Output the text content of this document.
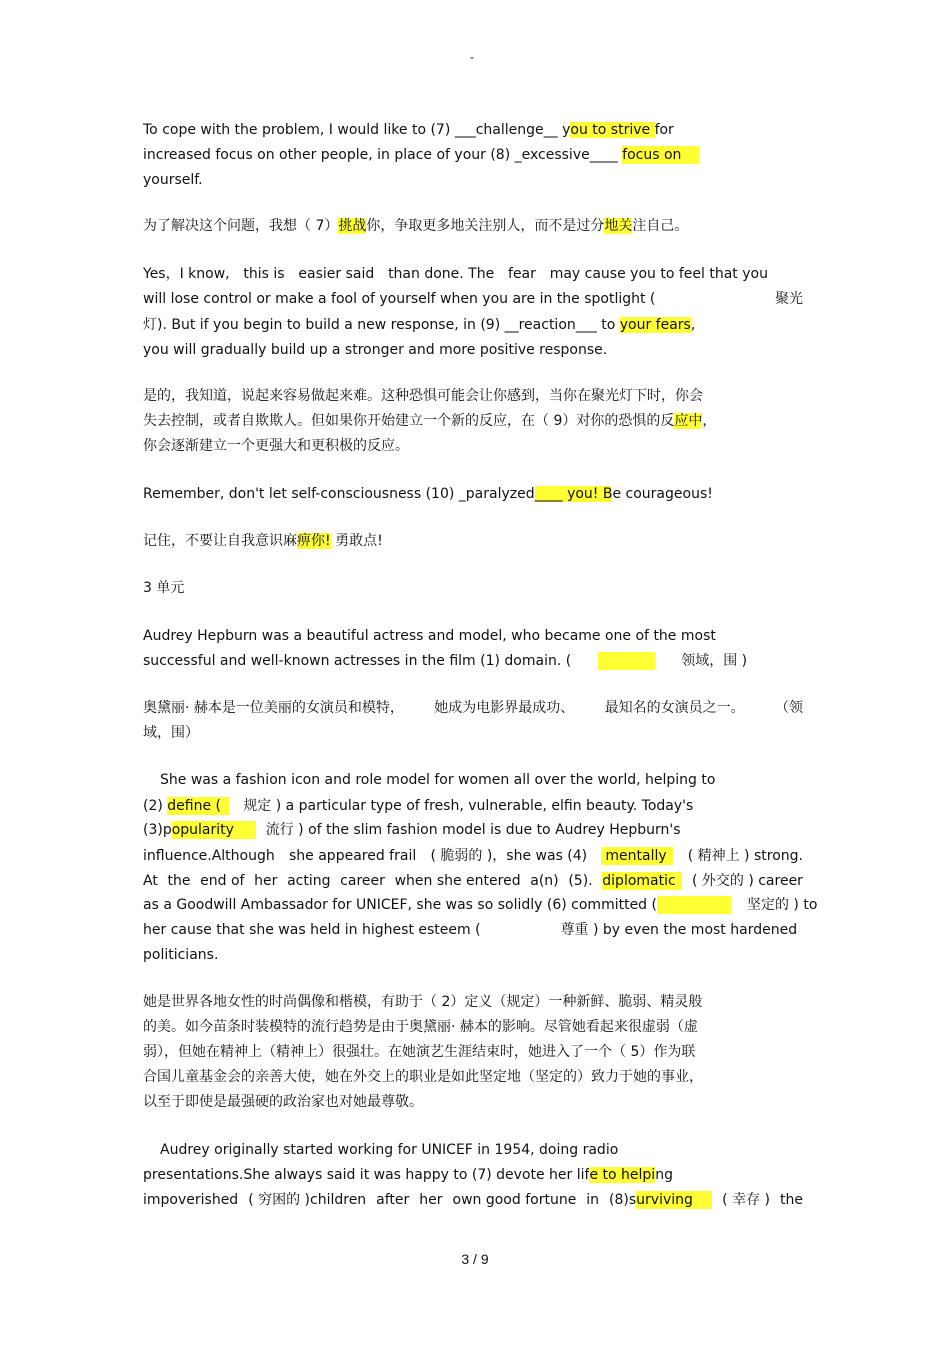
-
To cope with the problem, I would like to (7) ___challenge__ you to strive for
increased focus on other people, in place of your (8) _excessive____ focus on
yourself.
为了解决这个问题，我想（ 7）挑战你，争取更多地关注别人，而不是过分地关注自己。
Yes，I know, this is easier said than done. The fear may cause you to feel that you
will lose control or make a fool of yourself when you are in the spotlight (	聚光
灯). But if you begin to build a new response, in (9) __reaction___ to your fears,
you will gradually build up a stronger and more positive response.
是的，我知道，说起来容易做起来难。这种恐惧可能会让你感到，当你在聚光灯下时，你会
失去控制，或者自欺欺人。但如果你开始建立一个新的反应，在（ 9）对你的恐惧的反应中，
你会逐渐建立一个更强大和更积极的反应。
Remember, don't let self-consciousness (10) _paralyzed____ you! Be courageous!
记住，不要让自我意识麻痹你! 勇敢点!
3 单元
Audrey Hepburn was a beautiful actress and model, who became one of the most
successful and well-known actresses in the film (1) domain. (	领域，围 )
奥黛丽· 赫本是一位美丽的女演员和模特， 她成为电影界最成功、 最知名的女演员之一。 （领
域，围）
She was a fashion icon and role model for women all over the world, helping to
(2) define (规定 ) a particular type of fresh, vulnerable, elfin beauty. Today's
(3)popularity流行 ) of the slim fashion model is due to Audrey Hepburn's
influence.Although she appeared frail ( 脆弱的 )，she was (4) mentally	( 精神上 ) strong.
At the end of her acting career when she entered a(n) (5). diplomatic	( 外交的 ) career
as a Goodwill Ambassador for UNICEF, she was so solidly (6) committed (	坚定的 ) to
her cause that she was held in highest esteem (	尊重 ) by even the most hardened
politicians.
她是世界各地女性的时尚偶像和楷模，有助于（ 2）定义（规定）一种新鲜、脆弱、精灵般
的美。如今苗条时装模特的流行趋势是由于奥黛丽· 赫本的影响。尽管她看起来很虚弱（虚
弱），但她在精神上（精神上）很强壮。在她演艺生涯结束时，她进入了一个（ 5）作为联
合国儿童基金会的亲善大使，她在外交上的职业是如此坚定地（坚定的）致力于她的事业，
以至于即使是最强硬的政治家也对她最尊敬。
Audrey originally started working for UNICEF in 1954, doing radio
presentations.She always said it was happy to (7) devote her life to helping
impoverished ( 穷困的 )children after her own good fortune in (8)surviving	( 幸存 ) the
3 / 9
